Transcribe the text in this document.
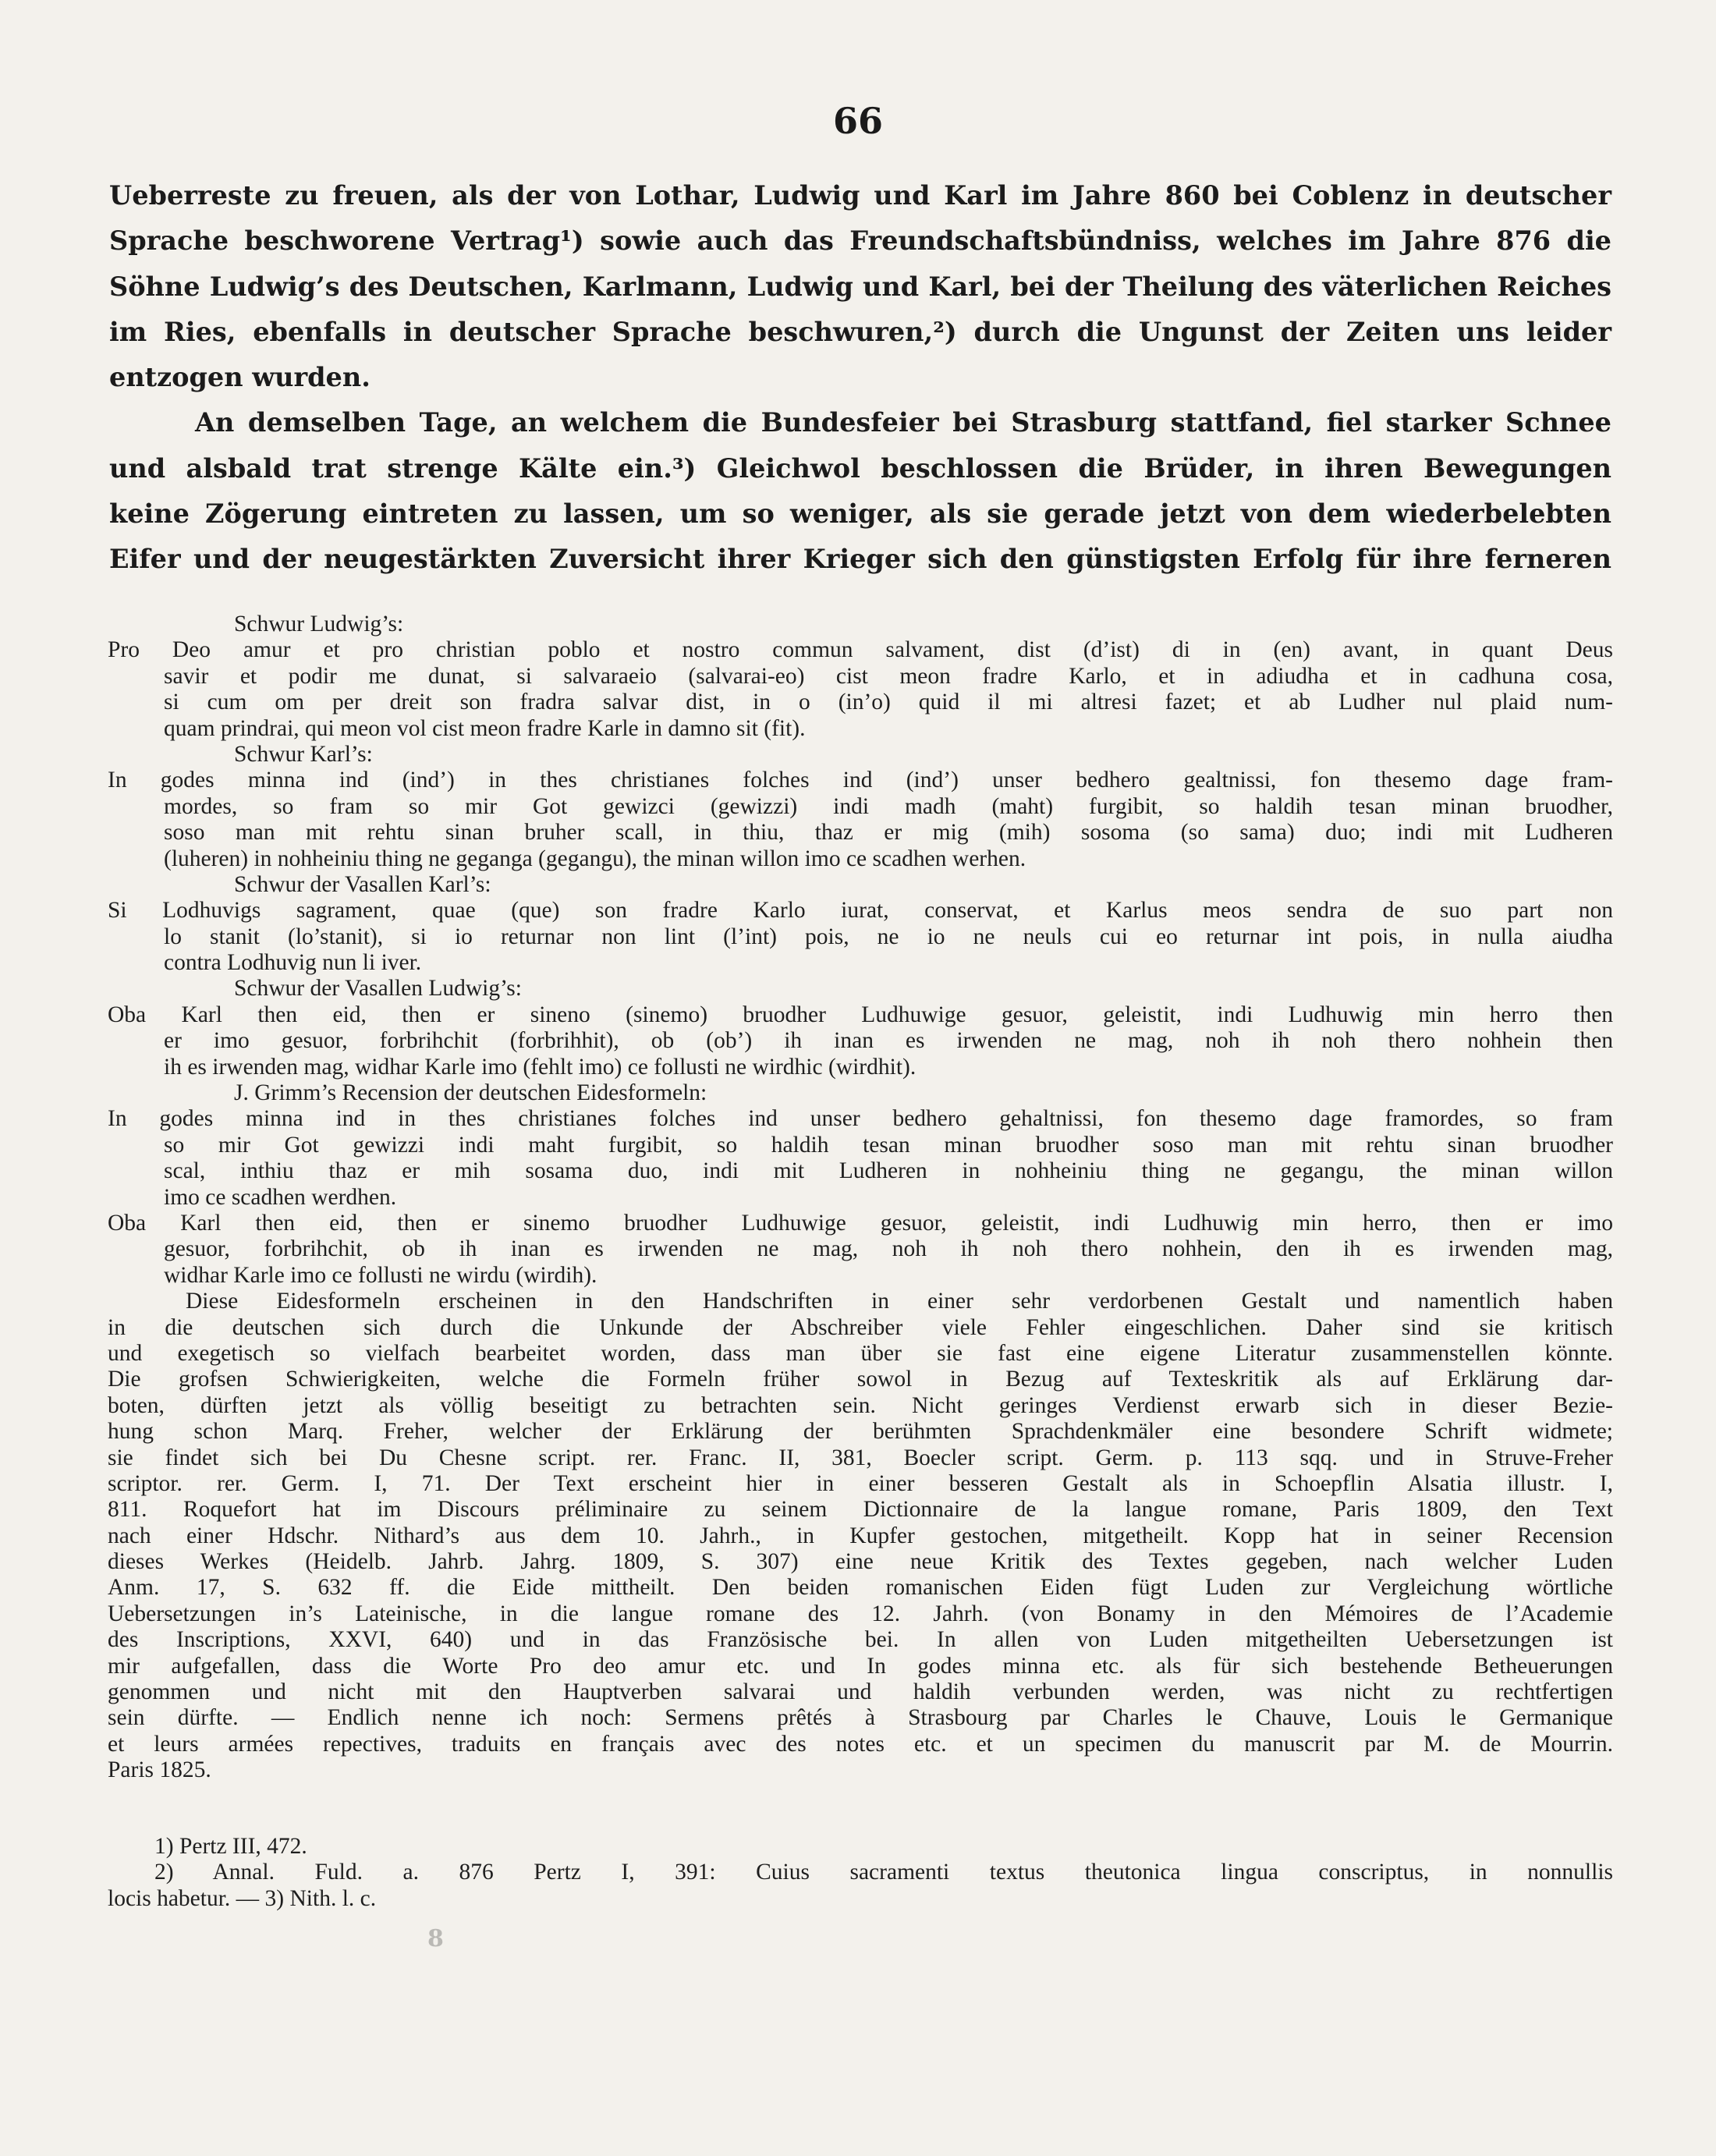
66
Ueberreste zu freuen, als der von Lothar, Ludwig und Karl im Jahre 860 bei Coblenz in deutscher
Sprache beschworene Vertrag¹) sowie auch das Freundschaftsbündniss, welches im Jahre 876 die
Söhne Ludwig’s des Deutschen, Karlmann, Ludwig und Karl, bei der Theilung des väterlichen Reiches
im Ries, ebenfalls in deutscher Sprache beschwuren,²) durch die Ungunst der Zeiten uns leider
entzogen wurden.
An demselben Tage, an welchem die Bundesfeier bei Strasburg stattfand, fiel starker Schnee
und alsbald trat strenge Kälte ein.³) Gleichwol beschlossen die Brüder, in ihren Bewegungen
keine Zögerung eintreten zu lassen, um so weniger, als sie gerade jetzt von dem wiederbelebten
Eifer und der neugestärkten Zuversicht ihrer Krieger sich den günstigsten Erfolg für ihre ferneren
Schwur Ludwig’s:
Pro Deo amur et pro christian poblo et nostro commun salvament, dist (d’ist) di in (en) avant, in quant Deus
savir et podir me dunat, si salvaraeio (salvarai-eo) cist meon fradre Karlo, et in adiudha et in cadhuna cosa,
si cum om per dreit son fradra salvar dist, in o (in’o) quid il mi altresi fazet; et ab Ludher nul plaid num-
quam prindrai, qui meon vol cist meon fradre Karle in damno sit (fit).
Schwur Karl’s:
In godes minna ind (ind’) in thes christianes folches ind (ind’) unser bedhero gealtnissi, fon thesemo dage fram-
mordes, so fram so mir Got gewizci (gewizzi) indi madh (maht) furgibit, so haldih tesan minan bruodher,
soso man mit rehtu sinan bruher scall, in thiu, thaz er mig (mih) sosoma (so sama) duo; indi mit Ludheren
(luheren) in nohheiniu thing ne geganga (gegangu), the minan willon imo ce scadhen werhen.
Schwur der Vasallen Karl’s:
Si Lodhuvigs sagrament, quae (que) son fradre Karlo iurat, conservat, et Karlus meos sendra de suo part non
lo stanit (lo’stanit), si io returnar non lint (l’int) pois, ne io ne neuls cui eo returnar int pois, in nulla aiudha
contra Lodhuvig nun li iver.
Schwur der Vasallen Ludwig’s:
Oba Karl then eid, then er sineno (sinemo) bruodher Ludhuwige gesuor, geleistit, indi Ludhuwig min herro then
er imo gesuor, forbrihchit (forbrihhit), ob (ob’) ih inan es irwenden ne mag, noh ih noh thero nohhein then
ih es irwenden mag, widhar Karle imo (fehlt imo) ce follusti ne wirdhic (wirdhit).
J. Grimm’s Recension der deutschen Eidesformeln:
In godes minna ind in thes christianes folches ind unser bedhero gehaltnissi, fon thesemo dage framordes, so fram
so mir Got gewizzi indi maht furgibit, so haldih tesan minan bruodher soso man mit rehtu sinan bruodher
scal, inthiu thaz er mih sosama duo, indi mit Ludheren in nohheiniu thing ne gegangu, the minan willon
imo ce scadhen werdhen.
Oba Karl then eid, then er sinemo bruodher Ludhuwige gesuor, geleistit, indi Ludhuwig min herro, then er imo
gesuor, forbrihchit, ob ih inan es irwenden ne mag, noh ih noh thero nohhein, den ih es irwenden mag,
widhar Karle imo ce follusti ne wirdu (wirdih).
Diese Eidesformeln erscheinen in den Handschriften in einer sehr verdorbenen Gestalt und namentlich haben
in die deutschen sich durch die Unkunde der Abschreiber viele Fehler eingeschlichen. Daher sind sie kritisch
und exegetisch so vielfach bearbeitet worden, dass man über sie fast eine eigene Literatur zusammenstellen könnte.
Die grofsen Schwierigkeiten, welche die Formeln früher sowol in Bezug auf Texteskritik als auf Erklärung dar-
boten, dürften jetzt als völlig beseitigt zu betrachten sein. Nicht geringes Verdienst erwarb sich in dieser Bezie-
hung schon Marq. Freher, welcher der Erklärung der berühmten Sprachdenkmäler eine besondere Schrift widmete;
sie findet sich bei Du Chesne script. rer. Franc. II, 381, Boecler script. Germ. p. 113 sqq. und in Struve-Freher
scriptor. rer. Germ. I, 71. Der Text erscheint hier in einer besseren Gestalt als in Schoepflin Alsatia illustr. I,
811. Roquefort hat im Discours préliminaire zu seinem Dictionnaire de la langue romane, Paris 1809, den Text
nach einer Hdschr. Nithard’s aus dem 10. Jahrh., in Kupfer gestochen, mitgetheilt. Kopp hat in seiner Recension
dieses Werkes (Heidelb. Jahrb. Jahrg. 1809, S. 307) eine neue Kritik des Textes gegeben, nach welcher Luden
Anm. 17, S. 632 ff. die Eide mittheilt. Den beiden romanischen Eiden fügt Luden zur Vergleichung wörtliche
Uebersetzungen in’s Lateinische, in die langue romane des 12. Jahrh. (von Bonamy in den Mémoires de l’Academie
des Inscriptions, XXVI, 640) und in das Französische bei. In allen von Luden mitgetheilten Uebersetzungen ist
mir aufgefallen, dass die Worte Pro deo amur etc. und In godes minna etc. als für sich bestehende Betheuerungen
genommen und nicht mit den Hauptverben salvarai und haldih verbunden werden, was nicht zu rechtfertigen
sein dürfte. — Endlich nenne ich noch: Sermens prêtés à Strasbourg par Charles le Chauve, Louis le Germanique
et leurs armées repectives, traduits en français avec des notes etc. et un specimen du manuscrit par M. de Mourrin.
Paris 1825.
1) Pertz III, 472.
2) Annal. Fuld. a. 876 Pertz I, 391: Cuius sacramenti textus theutonica lingua conscriptus, in nonnullis
locis habetur. — 3) Nith. l. c.
8
